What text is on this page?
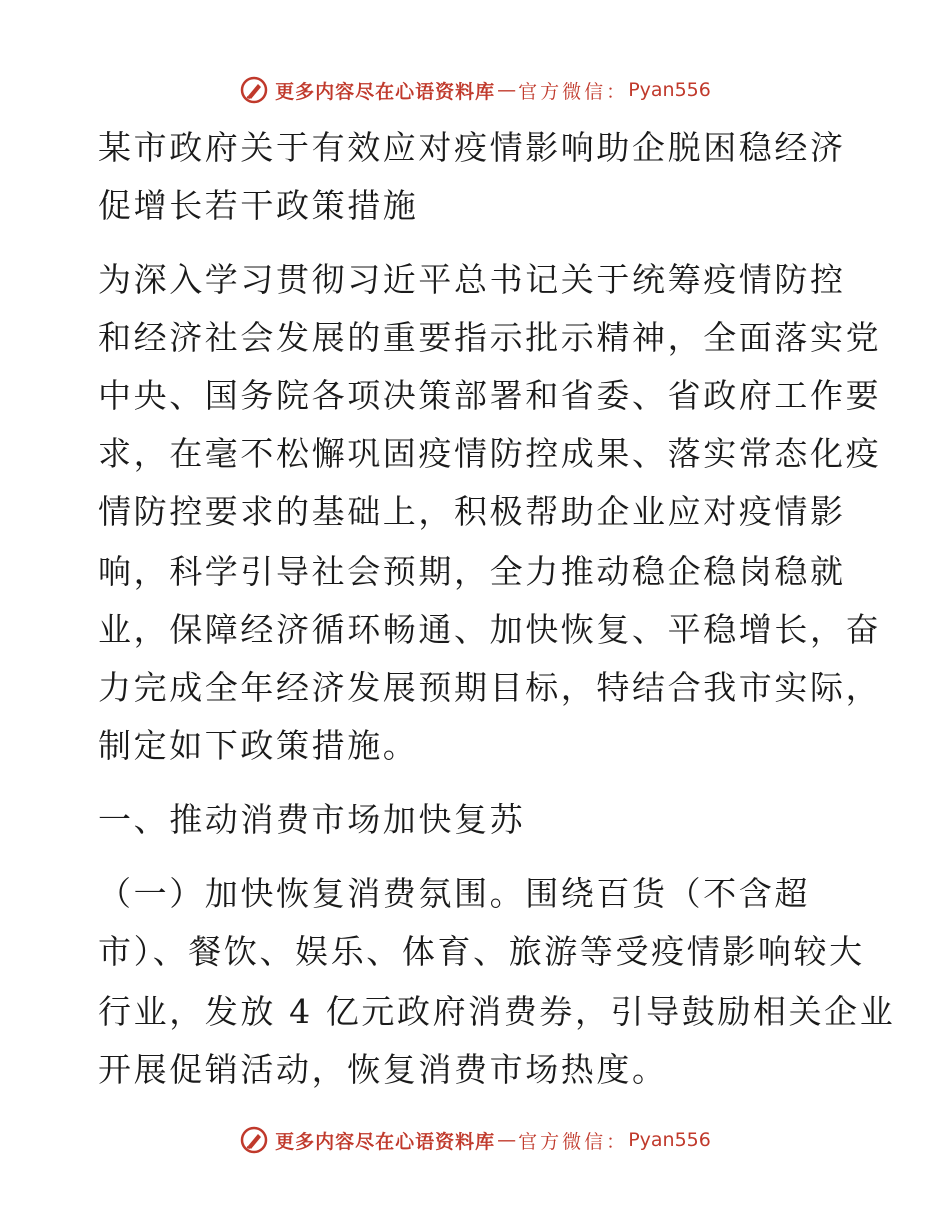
更多内容尽在心语资料库 — 官方微信： Pyan556
某市政府关于有效应对疫情影响助企脱困稳经济
促增长若干政策措施
为深入学习贯彻习近平总书记关于统筹疫情防控
和经济社会发展的重要指示批示精神，全面落实党
中央、国务院各项决策部署和省委、省政府工作要
求，在毫不松懈巩固疫情防控成果、落实常态化疫
情防控要求的基础上，积极帮助企业应对疫情影
响，科学引导社会预期，全力推动稳企稳岗稳就
业，保障经济循环畅通、加快恢复、平稳增长，奋
力完成全年经济发展预期目标，特结合我市实际，
制定如下政策措施。
一、推动消费市场加快复苏
（一）加快恢复消费氛围。围绕百货（不含超
市）、餐饮、娱乐、体育、旅游等受疫情影响较大
行业，发放 4 亿元政府消费券，引导鼓励相关企业
开展促销活动，恢复消费市场热度。
更多内容尽在心语资料库 — 官方微信： Pyan556
